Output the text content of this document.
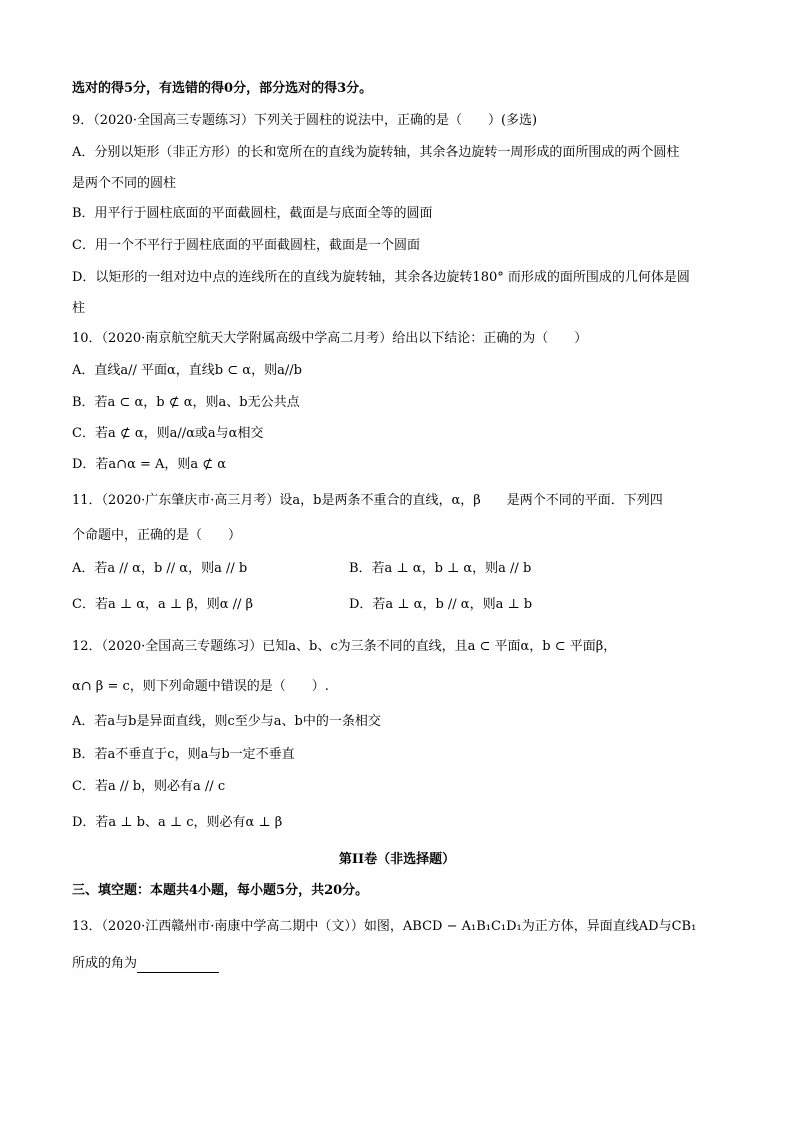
选对的得5分，有选错的得0分，部分选对的得3分。
9．（2020·全国高三专题练习）下列关于圆柱的说法中，正确的是（　　）(多选)
A．分别以矩形（非正方形）的长和宽所在的直线为旋转轴，其余各边旋转一周形成的面所围成的两个圆柱
是两个不同的圆柱
B．用平行于圆柱底面的平面截圆柱，截面是与底面全等的圆面
C．用一个不平行于圆柱底面的平面截圆柱，截面是一个圆面
D．以矩形的一组对边中点的连线所在的直线为旋转轴，其余各边旋转180° 而形成的面所围成的几何体是圆
柱
10．（2020·南京航空航天大学附属高级中学高二月考）给出以下结论：正确的为（　　）
A．直线a// 平面α，直线b ⊂ α，则a//b
B．若a ⊂ α，b ⊄ α，则a、b无公共点
C．若a ⊄ α，则a//α或a与α相交
D．若a∩α = A，则a ⊄ α
11．（2020·广东肇庆市·高三月考）设a，b是两条不重合的直线，α，β　　是两个不同的平面．下列四
个命题中，正确的是（　　）
A．若a // α，b // α，则a // b	B．若a ⊥ α，b ⊥ α，则a // b
C．若a ⊥ α，a ⊥ β，则α // β	D．若a ⊥ α，b // α，则a ⊥ b
12．（2020·全国高三专题练习）已知a、b、c为三条不同的直线，且a ⊂ 平面α，b ⊂ 平面β，
α∩ β = c，则下列命题中错误的是（　　）.
A．若a与b是异面直线，则c至少与a、b中的一条相交
B．若a不垂直于c，则a与b一定不垂直
C．若a // b，则必有a // c
D．若a ⊥ b、a ⊥ c，则必有α ⊥ β
第II卷（非选择题）
三、填空题：本题共4小题，每小题5分，共20分。
13．（2020·江西赣州市·南康中学高二期中（文））如图，ABCD − A₁B₁C₁D₁为正方体，异面直线AD与CB₁
所成的角为
